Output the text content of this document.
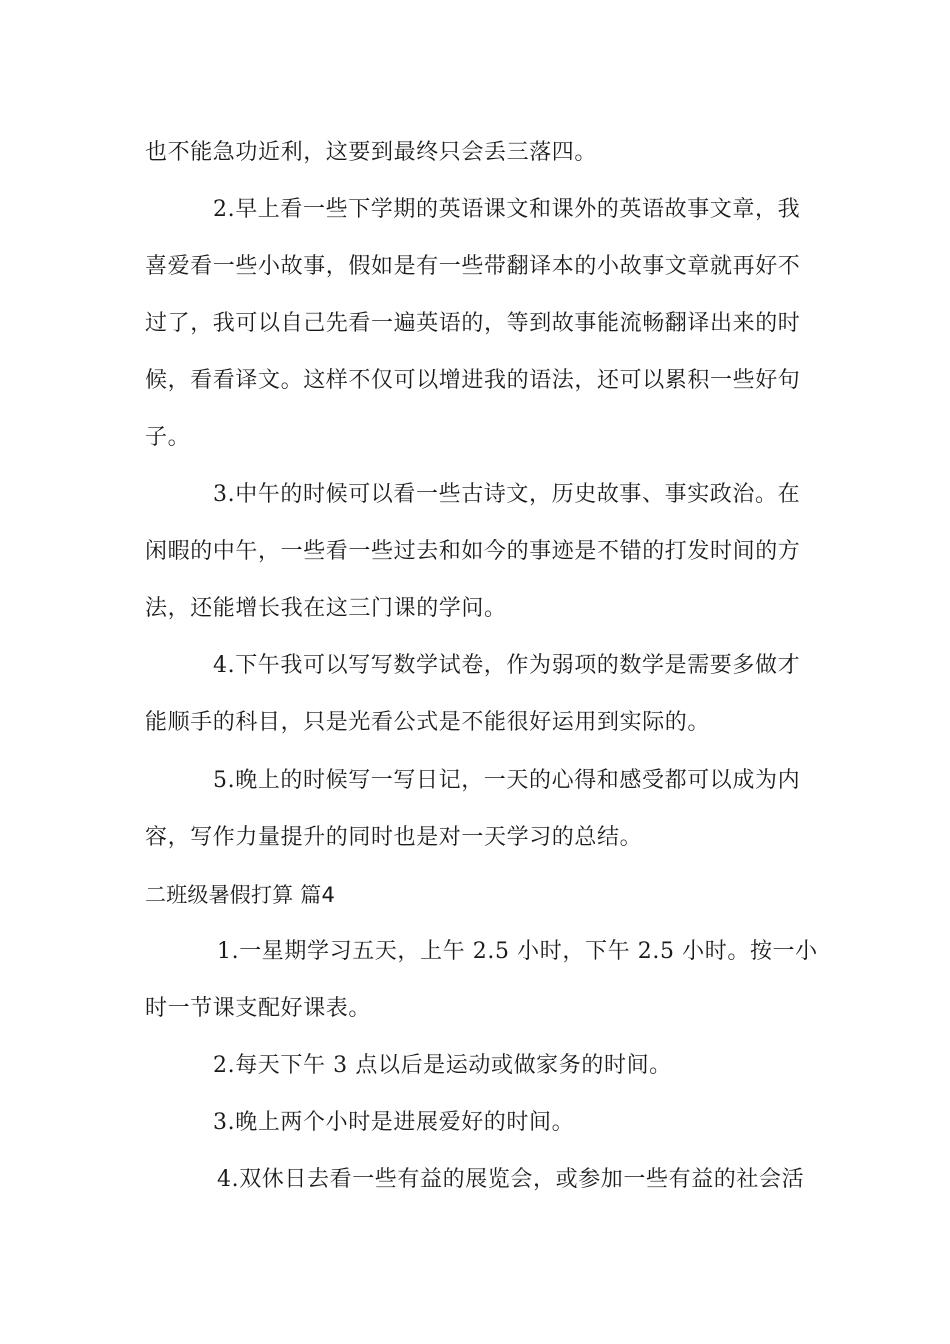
也不能急功近利，这要到最终只会丢三落四。
2.早上看一些下学期的英语课文和课外的英语故事文章，我
喜爱看一些小故事，假如是有一些带翻译本的小故事文章就再好不
过了，我可以自己先看一遍英语的，等到故事能流畅翻译出来的时
候，看看译文。这样不仅可以增进我的语法，还可以累积一些好句
子。
3.中午的时候可以看一些古诗文，历史故事、事实政治。在
闲暇的中午，一些看一些过去和如今的事迹是不错的打发时间的方
法，还能增长我在这三门课的学问。
4.下午我可以写写数学试卷，作为弱项的数学是需要多做才
能顺手的科目，只是光看公式是不能很好运用到实际的。
5.晚上的时候写一写日记，一天的心得和感受都可以成为内
容，写作力量提升的同时也是对一天学习的总结。
二班级暑假打算 篇4
1.一星期学习五天，上午 2.5 小时，下午 2.5 小时。按一小
时一节课支配好课表。
2.每天下午 3 点以后是运动或做家务的时间。
3.晚上两个小时是进展爱好的时间。
4.双休日去看一些有益的展览会，或参加一些有益的社会活
